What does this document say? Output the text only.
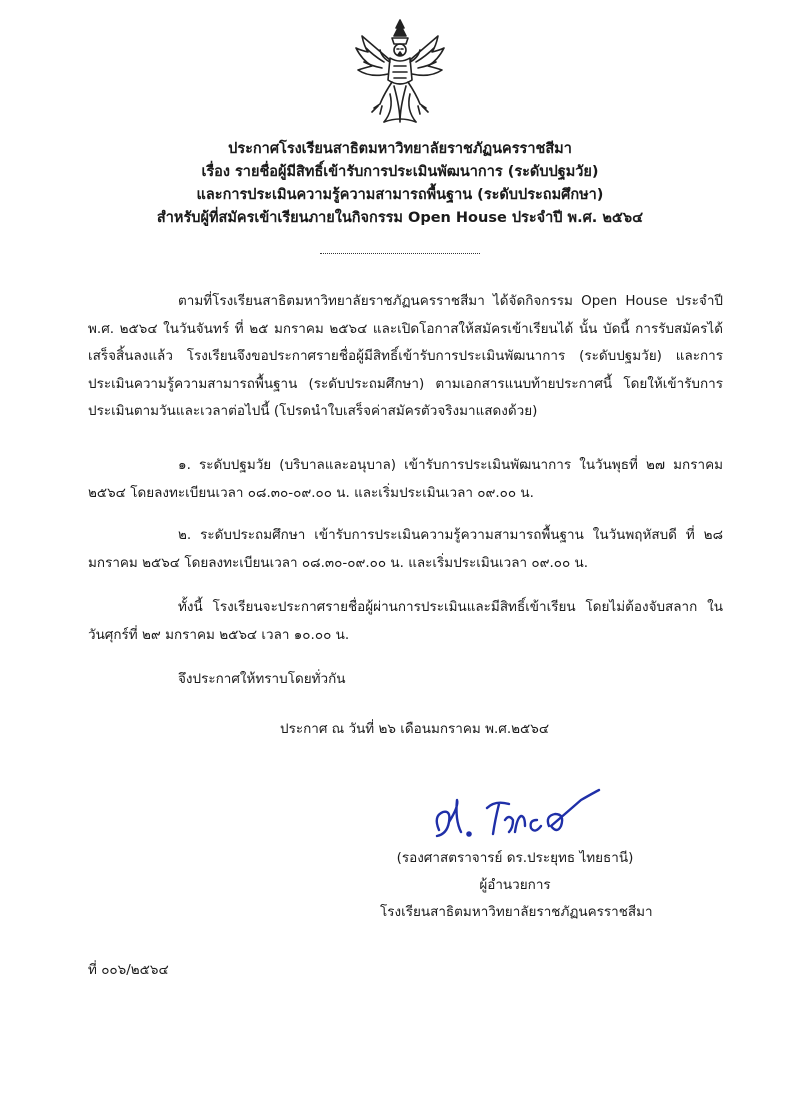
ประกาศโรงเรียนสาธิตมหาวิทยาลัยราชภัฏนครราชสีมา
เรื่อง รายชื่อผู้มีสิทธิ์เข้ารับการประเมินพัฒนาการ (ระดับปฐมวัย)
และการประเมินความรู้ความสามารถพื้นฐาน (ระดับประถมศึกษา)
สำหรับผู้ที่สมัครเข้าเรียนภายในกิจกรรม Open House ประจำปี พ.ศ. ๒๕๖๔
ตามที่โรงเรียนสาธิตมหาวิทยาลัยราชภัฏนครราชสีมา ได้จัดกิจกรรม Open House ประจำปี พ.ศ. ๒๕๖๔ ในวันจันทร์ ที่ ๒๕ มกราคม ๒๕๖๔ และเปิดโอกาสให้สมัครเข้าเรียนได้ นั้น บัดนี้ การรับสมัครได้เสร็จสิ้นลงแล้ว โรงเรียนจึงขอประกาศรายชื่อผู้มีสิทธิ์เข้ารับการประเมินพัฒนาการ (ระดับปฐมวัย) และการประเมินความรู้ความสามารถพื้นฐาน (ระดับประถมศึกษา) ตามเอกสารแนบท้ายประกาศนี้ โดยให้เข้ารับการประเมินตามวันและเวลาต่อไปนี้ (โปรดนำใบเสร็จค่าสมัครตัวจริงมาแสดงด้วย)
๑. ระดับปฐมวัย (บริบาลและอนุบาล) เข้ารับการประเมินพัฒนาการ ในวันพุธที่ ๒๗ มกราคม ๒๕๖๔ โดยลงทะเบียนเวลา ๐๘.๓๐-๐๙.๐๐ น. และเริ่มประเมินเวลา ๐๙.๐๐ น.
๒. ระดับประถมศึกษา เข้ารับการประเมินความรู้ความสามารถพื้นฐาน ในวันพฤหัสบดี ที่ ๒๘ มกราคม ๒๕๖๔ โดยลงทะเบียนเวลา ๐๘.๓๐-๐๙.๐๐ น. และเริ่มประเมินเวลา ๐๙.๐๐ น.
ทั้งนี้ โรงเรียนจะประกาศรายชื่อผู้ผ่านการประเมินและมีสิทธิ์เข้าเรียน โดยไม่ต้องจับสลาก ในวันศุกร์ที่ ๒๙ มกราคม ๒๕๖๔ เวลา ๑๐.๐๐ น.
จึงประกาศให้ทราบโดยทั่วกัน
ประกาศ ณ วันที่ ๒๖ เดือนมกราคม พ.ศ.๒๕๖๔
(รองศาสตราจารย์ ดร.ประยุทธ ไทยธานี)
ผู้อำนวยการ
โรงเรียนสาธิตมหาวิทยาลัยราชภัฏนครราชสีมา
ที่ ๐๐๖/๒๕๖๔
